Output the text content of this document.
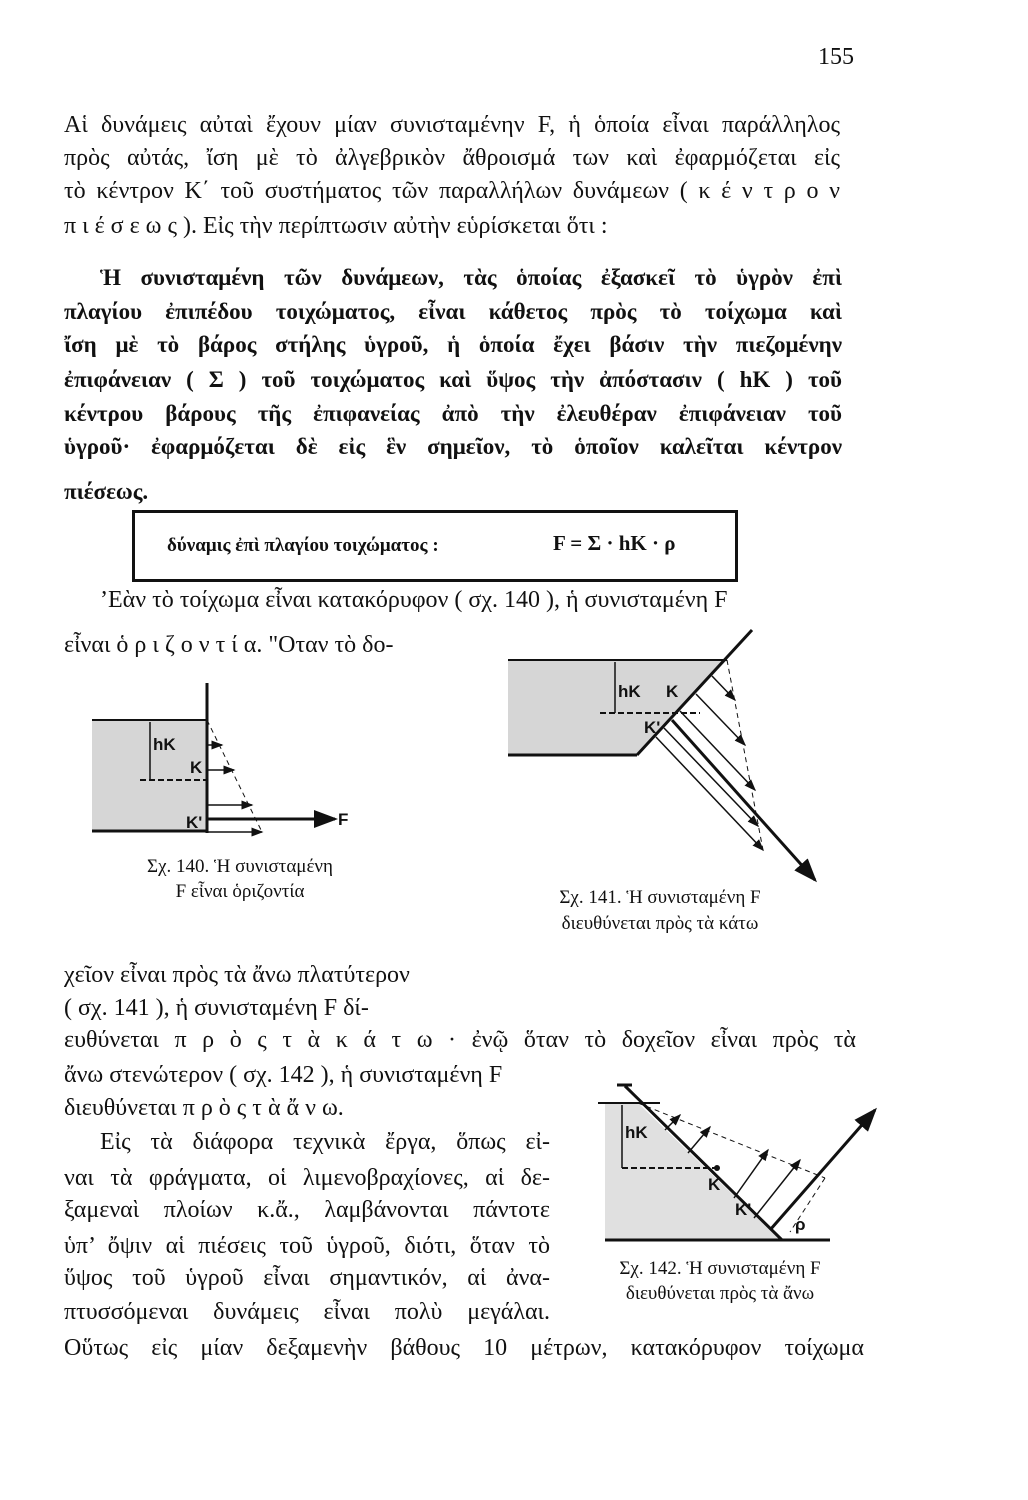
155
Αἱ δυνάμεις αὐταὶ ἔχουν μίαν συνισταμένην F, ἡ ὁποία εἶναι παράλληλος
πρὸς αὐτάς, ἴση μὲ τὸ ἀλγεβρικὸν ἄθροισμά των καὶ ἐφαρμόζεται εἰς
τὸ κέντρον K΄ τοῦ συστήματος τῶν παραλλήλων δυνάμεων ( κ έ ν τ ρ ο ν
π ι έ σ ε ω ς ). Εἰς τὴν περίπτωσιν αὐτὴν εὑρίσκεται ὅτι :
Ἡ συνισταμένη τῶν δυνάμεων, τὰς ὁποίας ἐξασκεῖ τὸ ὑγρὸν ἐπὶ
πλαγίου ἐπιπέδου τοιχώματος, εἶναι κάθετος πρὸς τὸ τοίχωμα καὶ
ἴση μὲ τὸ βάρος στήλης ὑγροῦ, ἡ ὁποία ἔχει βάσιν τὴν πιεζομένην
ἐπιφάνειαν ( Σ ) τοῦ τοιχώματος καὶ ὕψος τὴν ἀπόστασιν ( hK ) τοῦ
κέντρου βάρους τῆς ἐπιφανείας ἀπὸ τὴν ἐλευθέραν ἐπιφάνειαν τοῦ
ὑγροῦ· ἐφαρμόζεται δὲ εἰς ἓν σημεῖον, τὸ ὁποῖον καλεῖται κέντρον
πιέσεως.
δύναμις ἐπὶ πλαγίου τοιχώματος :	F = Σ · hK · ρ
’Εὰν τὸ τοίχωμα εἶναι κατακόρυφον ( σχ. 140 ), ἡ συνισταμένη F
εἶναι ὁ ρ ι ζ ο ν τ ί α. "Οταν τὸ δο-
hK
K
K'	F
hK K
K'
hK
K
K'
ρ
Σχ. 140. Ἡ συνισταμένη
F εἶναι ὁριζοντία	Σχ. 141. Ἡ συνισταμένη F
διευθύνεται πρὸς τὰ κάτω
Σχ. 142. Ἡ συνισταμένη F
διευθύνεται πρὸς τὰ ἄνω
χεῖον εἶναι πρὸς τὰ ἄνω πλατύτερον
( σχ. 141 ), ἡ συνισταμένη F δί-
ευθύνεται π ρ ὸ ς τ ὰ κ ά τ ω · ἐνῷ ὅταν τὸ δοχεῖον εἶναι πρὸς τὰ
ἄνω στενώτερον ( σχ. 142 ), ἡ συνισταμένη F
διευθύνεται π ρ ὸ ς τ ὰ ἄ ν ω.
Εἰς τὰ διάφορα τεχνικὰ ἔργα, ὅπως εἰ-
ναι τὰ φράγματα, οἱ λιμενοβραχίονες, αἱ δε-
ξαμεναὶ πλοίων κ.ἄ., λαμβάνονται πάντοτε
ὑπ’ ὄψιν αἱ πιέσεις τοῦ ὑγροῦ, διότι, ὅταν τὸ
ὕψος τοῦ ὑγροῦ εἶναι σημαντικόν, αἱ ἀνα-
πτυσσόμεναι δυνάμεις εἶναι πολὺ μεγάλαι.
Οὕτως εἰς μίαν δεξαμενὴν βάθους 10 μέτρων, κατακόρυφον τοίχωμα
